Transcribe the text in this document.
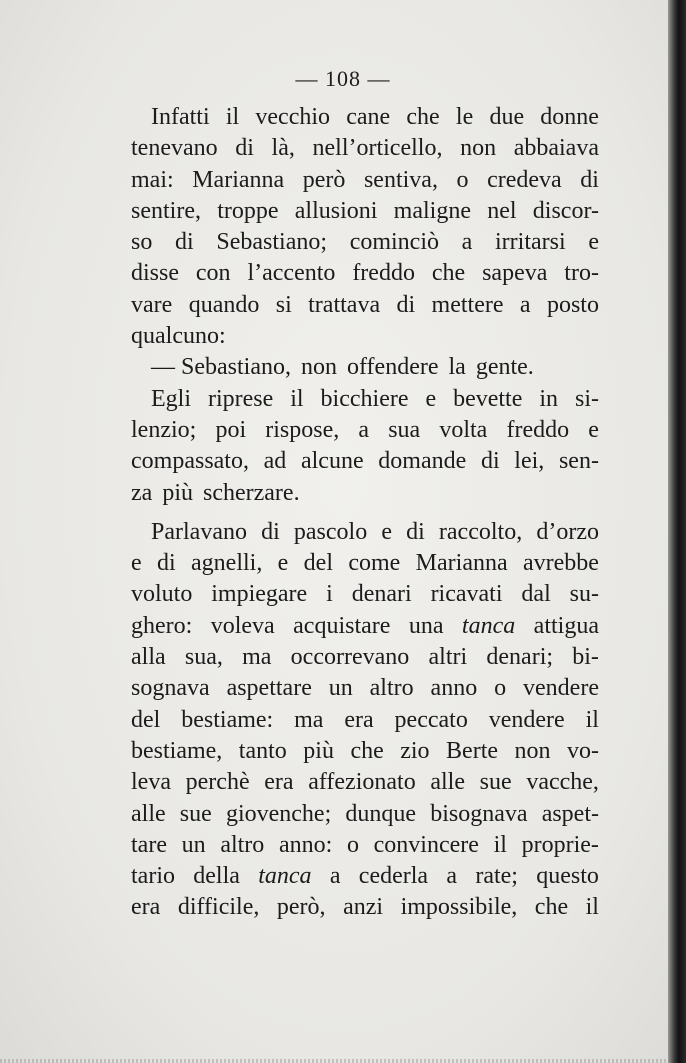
— 108 —
Infatti il vecchio cane che le due donne
tenevano di là, nell’orticello, non abbaiava
mai: Marianna però sentiva, o credeva di
sentire, troppe allusioni maligne nel discor-
so di Sebastiano; cominciò a irritarsi e
disse con l’accento freddo che sapeva tro-
vare quando si trattava di mettere a posto
qualcuno:
— Sebastiano, non offendere la gente.
Egli riprese il bicchiere e bevette in si-
lenzio; poi rispose, a sua volta freddo e
compassato, ad alcune domande di lei, sen-
za più scherzare.
Parlavano di pascolo e di raccolto, d’orzo
e di agnelli, e del come Marianna avrebbe
voluto impiegare i denari ricavati dal su-
ghero: voleva acquistare una tanca attigua
alla sua, ma occorrevano altri denari; bi-
sognava aspettare un altro anno o vendere
del bestiame: ma era peccato vendere il
bestiame, tanto più che zio Berte non vo-
leva perchè era affezionato alle sue vacche,
alle sue giovenche; dunque bisognava aspet-
tare un altro anno: o convincere il proprie-
tario della tanca a cederla a rate; questo
era difficile, però, anzi impossibile, che il
